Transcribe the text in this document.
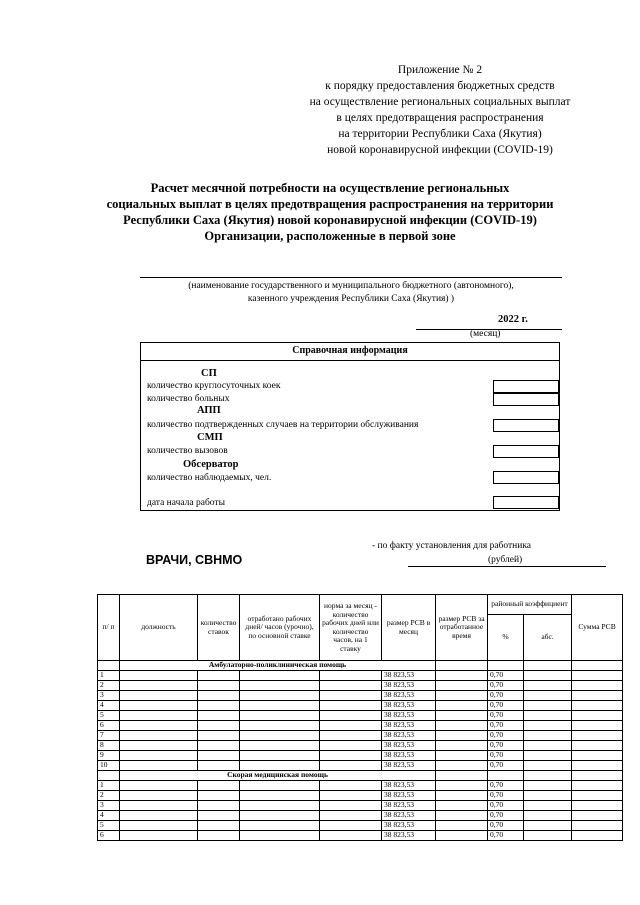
Приложение № 2
к порядку предоставления бюджетных средств
на осуществление региональных социальных выплат
в целях предотвращения распространения
на территории Республики Саха (Якутия)
новой коронавирусной инфекции (COVID-19)
Расчет месячной потребности на осуществление региональных
социальных выплат в целях предотвращения распространения на территории
Республики Саха (Якутия) новой коронавирусной инфекции (COVID-19)
Организации, расположенные в первой зоне
(наименование государственного и муниципального бюджетного (автономного),
казенного учреждения Республики Саха (Якутия) )
2022 г.
(месяц)
Справочная информация
СП
количество круглосуточных коек
количество больных
АПП
количество подтвержденных случаев на территории обслуживания
СМП
количество вызовов
Обсерватор
количество наблюдаемых, чел.
дата начала работы
- по факту установления для работника
ВРАЧИ, СВНМО	(рублей)
п/ п	должность	количество ставок	отработано рабочих дней/ часов (урочно), по основной ставке	норма за месяц - количество рабочих дней или количество часов, на 1 ставку	размер РСВ в месяц	размер РСВ за отработанное время	районный коэффициент		Сумма РСВ
							%	абс.	
	Амбулаторно-поликлиническая помощь								
1					38 823,53		0,70		
2					38 823,53		0,70		
3					38 823,53		0,70		
4					38 823,53		0,70		
5					38 823,53		0,70		
6					38 823,53		0,70		
7					38 823,53		0,70		
8					38 823,53		0,70		
9					38 823,53		0,70		
10					38 823,53		0,70		
	Скорая медицинская помощь								
1					38 823,53		0,70		
2					38 823,53		0,70		
3					38 823,53		0,70		
4					38 823,53		0,70		
5					38 823,53		0,70		
6					38 823,53		0,70		
